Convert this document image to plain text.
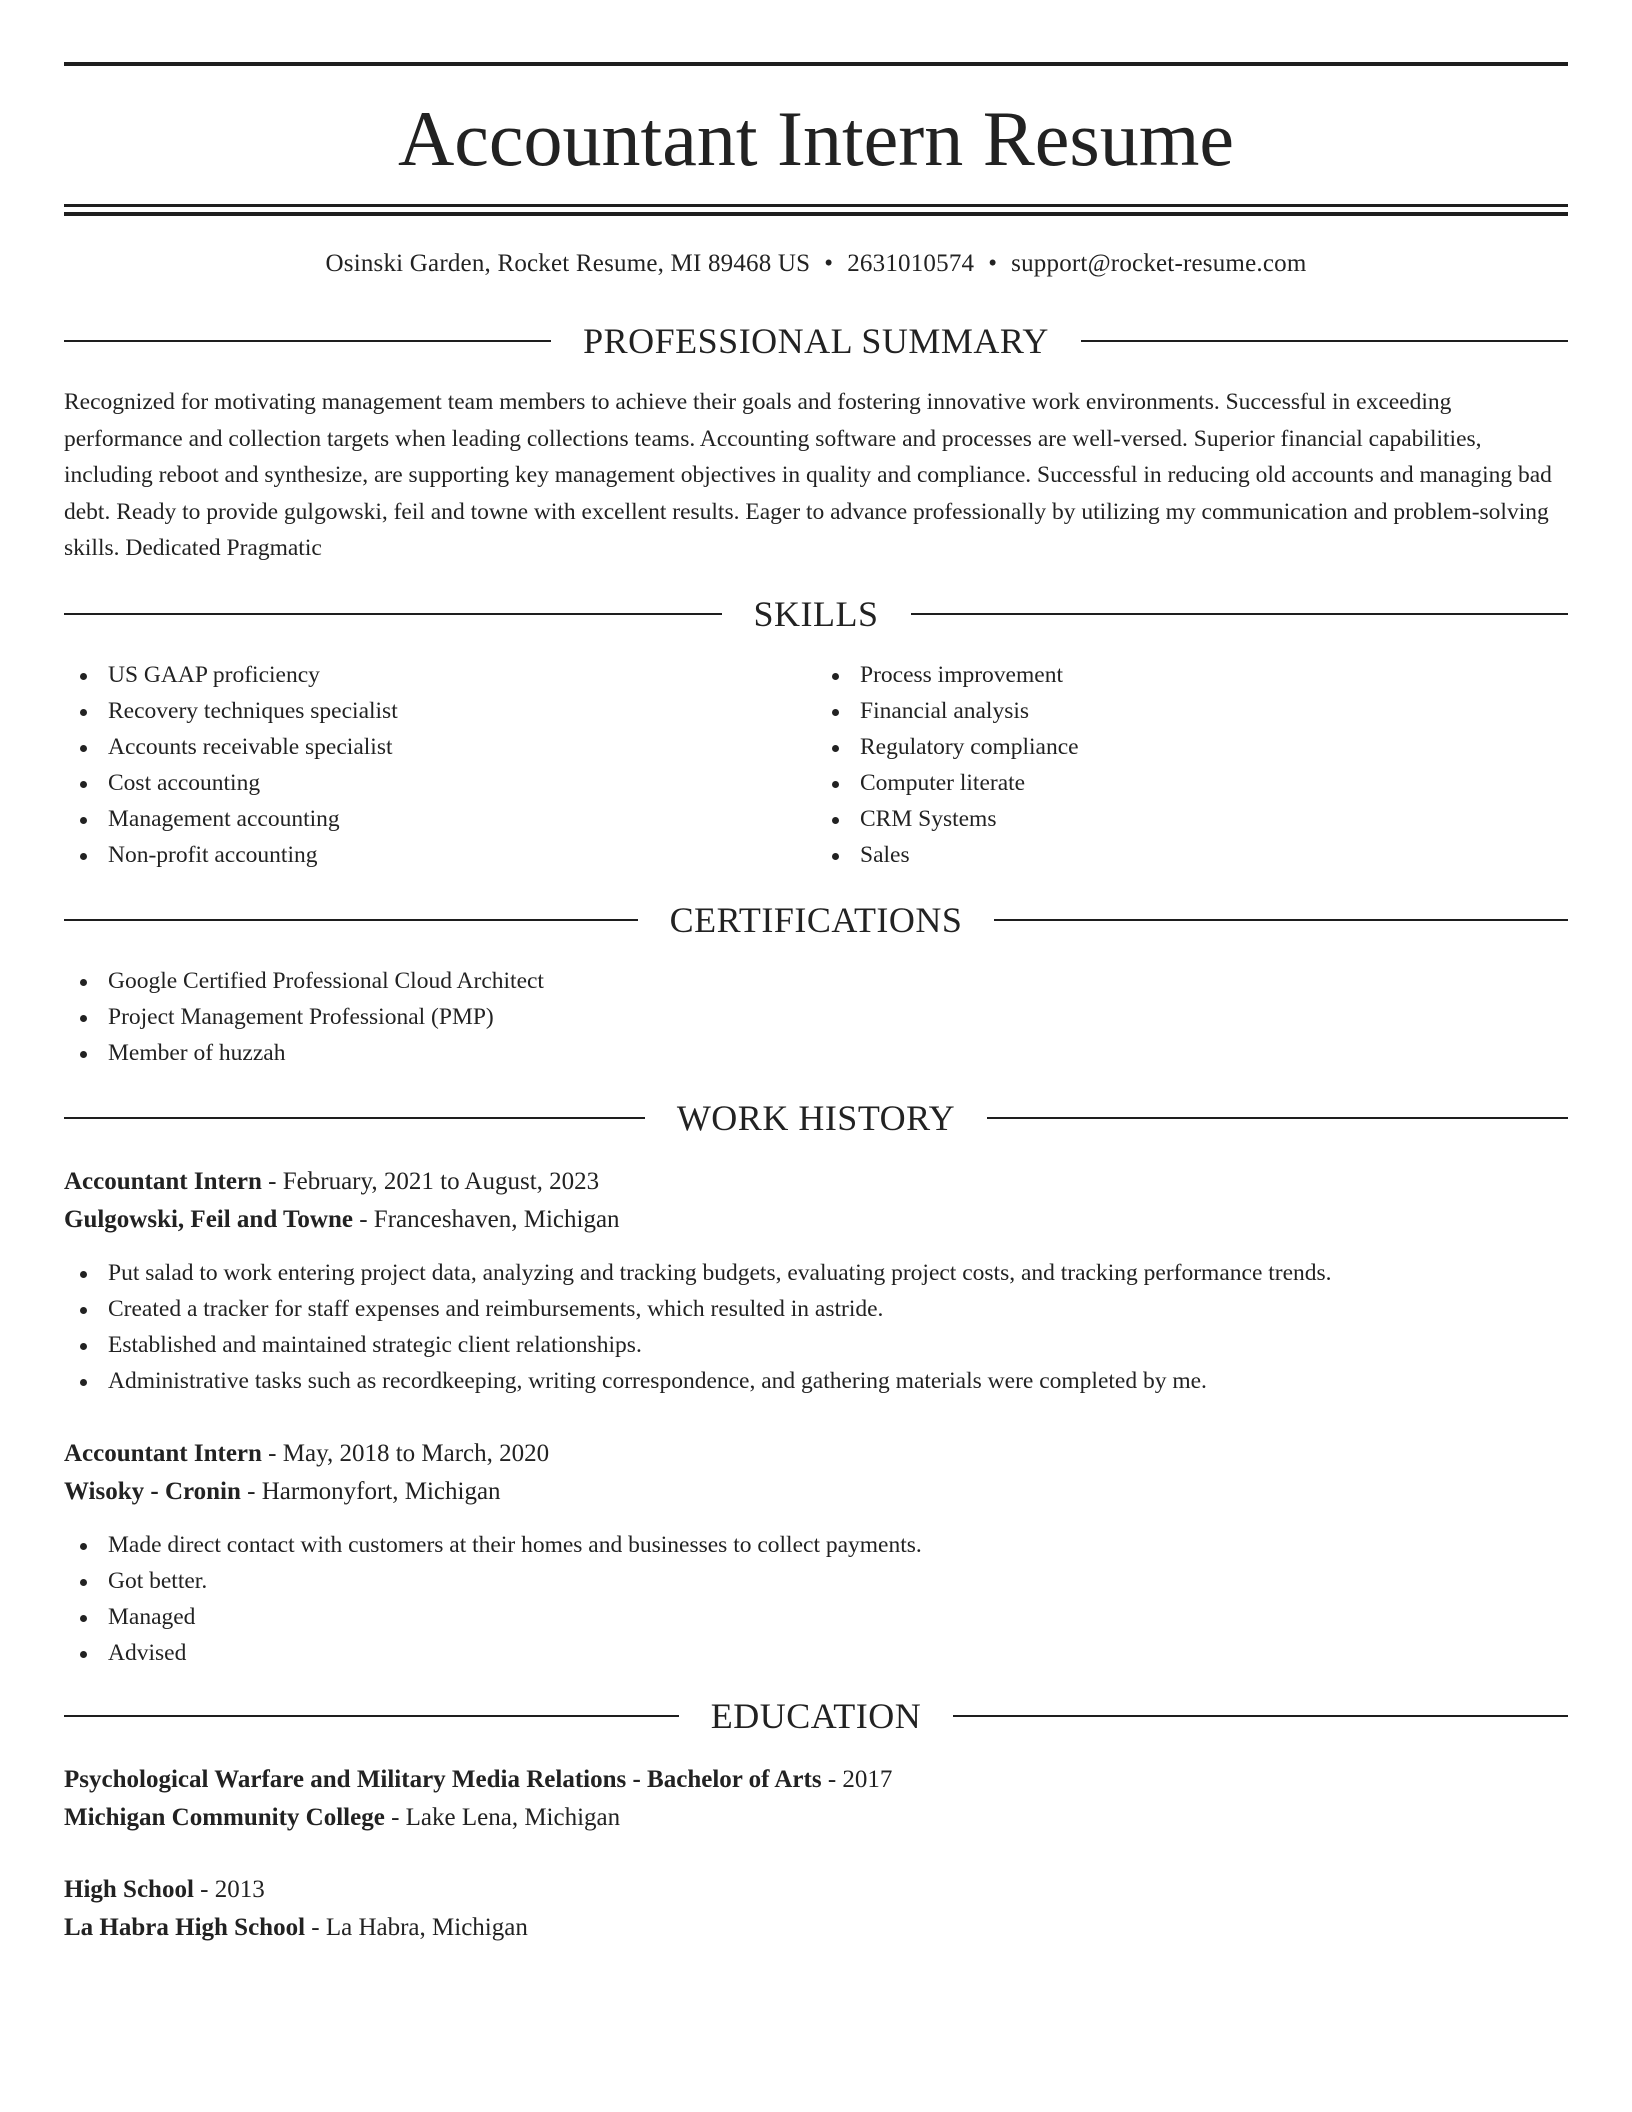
Accountant Intern Resume
Osinski Garden, Rocket Resume, MI 89468 US • 2631010574 • support@rocket-resume.com
PROFESSIONAL SUMMARY

Recognized for motivating management team members to achieve their goals and fostering innovative work environments. Successful in exceeding performance and collection targets when leading collections teams. Accounting software and processes are well-versed. Superior financial capabilities, including reboot and synthesize, are supporting key management objectives in quality and compliance. Successful in reducing old accounts and managing bad debt. Ready to provide gulgowski, feil and towne with excellent results. Eager to advance professionally by utilizing my communication and problem-solving skills. Dedicated Pragmatic

SKILLS
US GAAP proficiency
Recovery techniques specialist
Accounts receivable specialist
Cost accounting
Management accounting
Non-profit accounting
Process improvement
Financial analysis
Regulatory compliance
Computer literate
CRM Systems
Sales
CERTIFICATIONS
Google Certified Professional Cloud Architect
Project Management Professional (PMP)
Member of huzzah
WORK HISTORY
Accountant Intern - February, 2021 to August, 2023
Gulgowski, Feil and Towne - Franceshaven, Michigan
Put salad to work entering project data, analyzing and tracking budgets, evaluating project costs, and tracking performance trends.
Created a tracker for staff expenses and reimbursements, which resulted in astride.
Established and maintained strategic client relationships.
Administrative tasks such as recordkeeping, writing correspondence, and gathering materials were completed by me.
Accountant Intern - May, 2018 to March, 2020
Wisoky - Cronin - Harmonyfort, Michigan
Made direct contact with customers at their homes and businesses to collect payments.
Got better.
Managed
Advised
EDUCATION
Psychological Warfare and Military Media Relations - Bachelor of Arts - 2017
Michigan Community College - Lake Lena, Michigan
High School - 2013
La Habra High School - La Habra, Michigan
